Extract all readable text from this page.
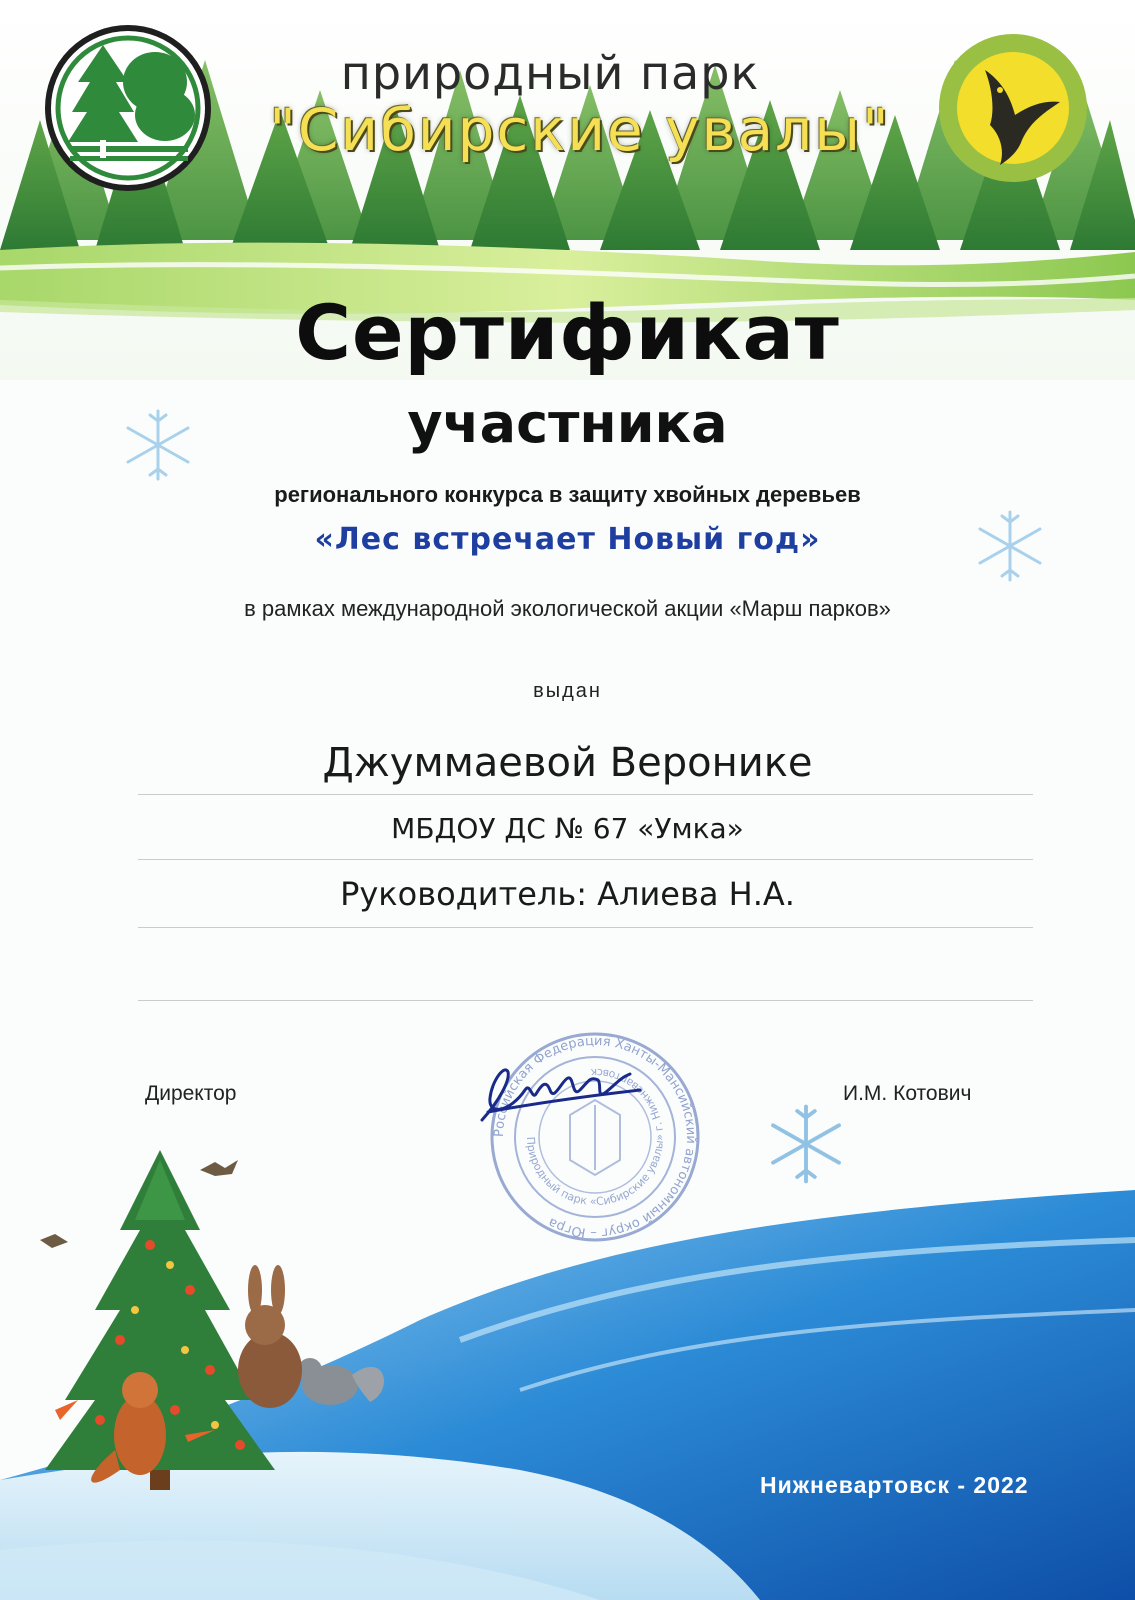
природный парк
"Сибирские увалы"
Сертификат
участника
регионального конкурса в защиту хвойных деревьев
«Лес встречает Новый год»
в рамках международной экологической акции «Марш парков»
выдан
Джуммаевой Веронике
МБДОУ ДС № 67 «Умка»
Руководитель: Алиева Н.А.
Директор	И.М. Котович
Российская Федерация Ханты-Мансийский автономный округ – Югра
Природный парк «Сибирские увалы» г. Нижневартовск
Нижневартовск - 2022
